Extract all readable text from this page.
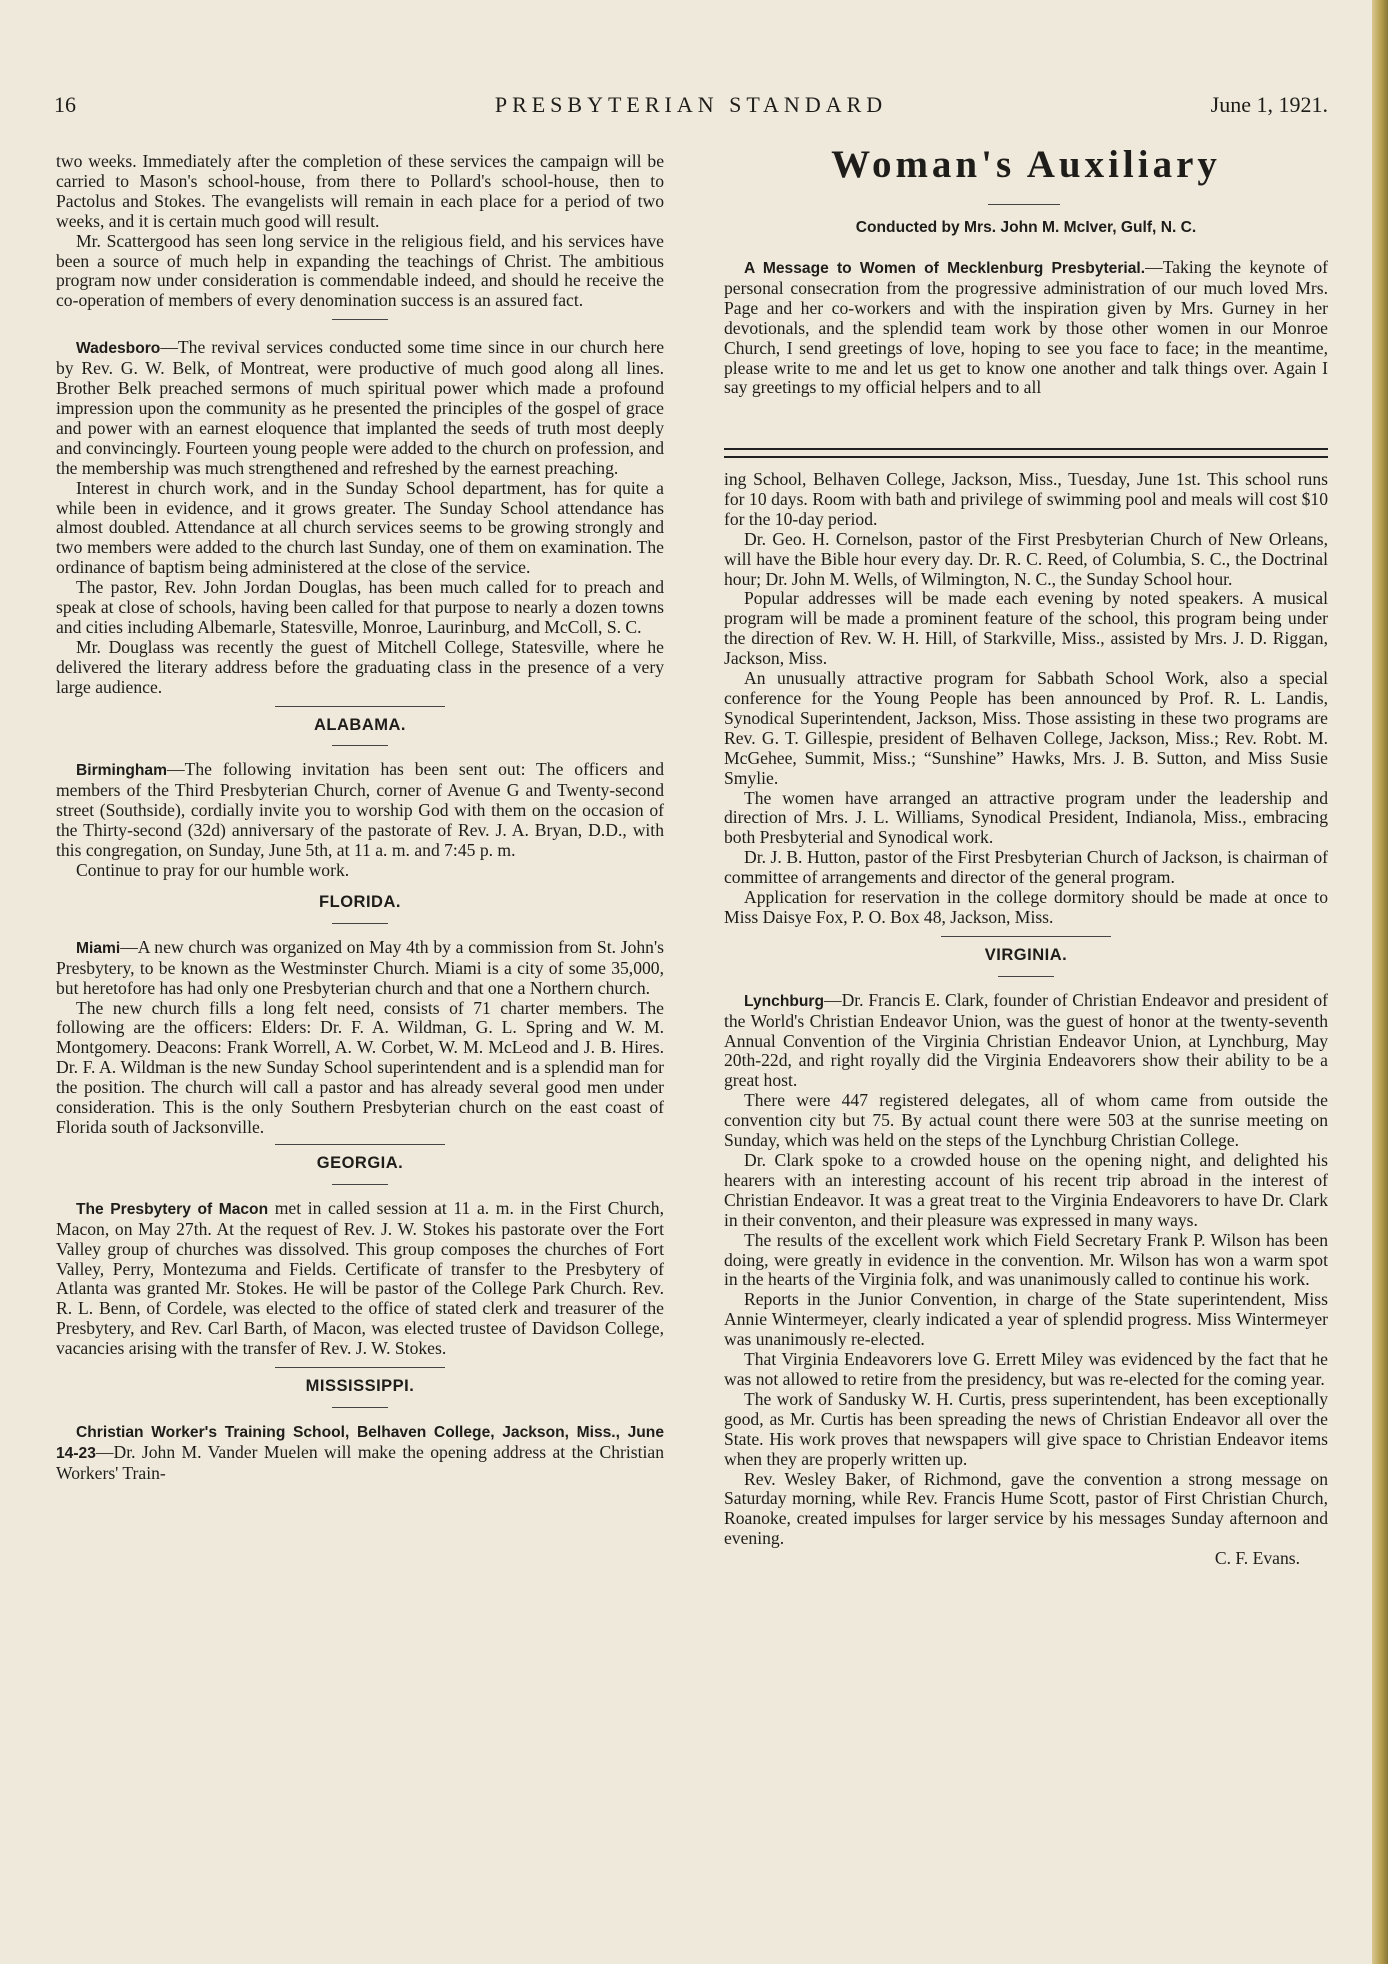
16	PRESBYTERIAN STANDARD	June 1, 1921.

two weeks. Immediately after the completion of these services the campaign will be carried to Mason's school-house, from there to Pollard's school-house, then to Pactolus and Stokes. The evangelists will remain in each place for a period of two weeks, and it is certain much good will result.

Mr. Scattergood has seen long service in the religious field, and his services have been a source of much help in expanding the teachings of Christ. The ambitious program now under consideration is commendable indeed, and should he receive the co-operation of members of every denomination success is an assured fact.

Wadesboro—The revival services conducted some time since in our church here by Rev. G. W. Belk, of Montreat, were productive of much good along all lines. Brother Belk preached sermons of much spiritual power which made a profound impression upon the community as he presented the principles of the gospel of grace and power with an earnest eloquence that implanted the seeds of truth most deeply and convincingly. Fourteen young people were added to the church on profession, and the membership was much strengthened and refreshed by the earnest preaching.

Interest in church work, and in the Sunday School department, has for quite a while been in evidence, and it grows greater. The Sunday School attendance has almost doubled. Attendance at all church services seems to be growing strongly and two members were added to the church last Sunday, one of them on examination. The ordinance of baptism being administered at the close of the service.

The pastor, Rev. John Jordan Douglas, has been much called for to preach and speak at close of schools, having been called for that purpose to nearly a dozen towns and cities including Albemarle, Statesville, Monroe, Laurinburg, and McColl, S. C.

Mr. Douglass was recently the guest of Mitchell College, Statesville, where he delivered the literary address before the graduating class in the presence of a very large audience.

ALABAMA.

Birmingham—The following invitation has been sent out: The officers and members of the Third Presbyterian Church, corner of Avenue G and Twenty-second street (Southside), cordially invite you to worship God with them on the occasion of the Thirty-second (32d) anniversary of the pastorate of Rev. J. A. Bryan, D.D., with this congregation, on Sunday, June 5th, at 11 a. m. and 7:45 p. m.

Continue to pray for our humble work.

FLORIDA.

Miami—A new church was organized on May 4th by a commission from St. John's Presbytery, to be known as the Westminster Church. Miami is a city of some 35,000, but heretofore has had only one Presbyterian church and that one a Northern church.

The new church fills a long felt need, consists of 71 charter members. The following are the officers: Elders: Dr. F. A. Wildman, G. L. Spring and W. M. Montgomery. Deacons: Frank Worrell, A. W. Corbet, W. M. McLeod and J. B. Hires. Dr. F. A. Wildman is the new Sunday School superintendent and is a splendid man for the position. The church will call a pastor and has already several good men under consideration. This is the only Southern Presbyterian church on the east coast of Florida south of Jacksonville.

GEORGIA.

The Presbytery of Macon met in called session at 11 a. m. in the First Church, Macon, on May 27th. At the request of Rev. J. W. Stokes his pastorate over the Fort Valley group of churches was dissolved. This group composes the churches of Fort Valley, Perry, Montezuma and Fields. Certificate of transfer to the Presbytery of Atlanta was granted Mr. Stokes. He will be pastor of the College Park Church. Rev. R. L. Benn, of Cordele, was elected to the office of stated clerk and treasurer of the Presbytery, and Rev. Carl Barth, of Macon, was elected trustee of Davidson College, vacancies arising with the transfer of Rev. J. W. Stokes.

MISSISSIPPI.

Christian Worker's Training School, Belhaven College, Jackson, Miss., June 14-23—Dr. John M. Vander Muelen will make the opening address at the Christian Workers' Train-

Woman's Auxiliary
Conducted by Mrs. John M. McIver, Gulf, N. C.

A Message to Women of Mecklenburg Presbyterial.—Taking the keynote of personal consecration from the progressive administration of our much loved Mrs. Page and her co-workers and with the inspiration given by Mrs. Gurney in her devotionals, and the splendid team work by those other women in our Monroe Church, I send greetings of love, hoping to see you face to face; in the meantime, please write to me and let us get to know one another and talk things over. Again I say greetings to my official helpers and to all

ing School, Belhaven College, Jackson, Miss., Tuesday, June 1st. This school runs for 10 days. Room with bath and privilege of swimming pool and meals will cost $10 for the 10-day period.

Dr. Geo. H. Cornelson, pastor of the First Presbyterian Church of New Orleans, will have the Bible hour every day. Dr. R. C. Reed, of Columbia, S. C., the Doctrinal hour; Dr. John M. Wells, of Wilmington, N. C., the Sunday School hour.

Popular addresses will be made each evening by noted speakers. A musical program will be made a prominent feature of the school, this program being under the direction of Rev. W. H. Hill, of Starkville, Miss., assisted by Mrs. J. D. Riggan, Jackson, Miss.

An unusually attractive program for Sabbath School Work, also a special conference for the Young People has been announced by Prof. R. L. Landis, Synodical Superintendent, Jackson, Miss. Those assisting in these two programs are Rev. G. T. Gillespie, president of Belhaven College, Jackson, Miss.; Rev. Robt. M. McGehee, Summit, Miss.; “Sunshine” Hawks, Mrs. J. B. Sutton, and Miss Susie Smylie.

The women have arranged an attractive program under the leadership and direction of Mrs. J. L. Williams, Synodical President, Indianola, Miss., embracing both Presbyterial and Synodical work.

Dr. J. B. Hutton, pastor of the First Presbyterian Church of Jackson, is chairman of committee of arrangements and director of the general program.

Application for reservation in the college dormitory should be made at once to Miss Daisye Fox, P. O. Box 48, Jackson, Miss.

VIRGINIA.

Lynchburg—Dr. Francis E. Clark, founder of Christian Endeavor and president of the World's Christian Endeavor Union, was the guest of honor at the twenty-seventh Annual Convention of the Virginia Christian Endeavor Union, at Lynchburg, May 20th-22d, and right royally did the Virginia Endeavorers show their ability to be a great host.

There were 447 registered delegates, all of whom came from outside the convention city but 75. By actual count there were 503 at the sunrise meeting on Sunday, which was held on the steps of the Lynchburg Christian College.

Dr. Clark spoke to a crowded house on the opening night, and delighted his hearers with an interesting account of his recent trip abroad in the interest of Christian Endeavor. It was a great treat to the Virginia Endeavorers to have Dr. Clark in their conventon, and their pleasure was expressed in many ways.

The results of the excellent work which Field Secretary Frank P. Wilson has been doing, were greatly in evidence in the convention. Mr. Wilson has won a warm spot in the hearts of the Virginia folk, and was unanimously called to continue his work.

Reports in the Junior Convention, in charge of the State superintendent, Miss Annie Wintermeyer, clearly indicated a year of splendid progress. Miss Wintermeyer was unanimously re-elected.

That Virginia Endeavorers love G. Errett Miley was evidenced by the fact that he was not allowed to retire from the presidency, but was re-elected for the coming year.

The work of Sandusky W. H. Curtis, press superintendent, has been exceptionally good, as Mr. Curtis has been spreading the news of Christian Endeavor all over the State. His work proves that newspapers will give space to Christian Endeavor items when they are properly written up.

Rev. Wesley Baker, of Richmond, gave the convention a strong message on Saturday morning, while Rev. Francis Hume Scott, pastor of First Christian Church, Roanoke, created impulses for larger service by his messages Sunday afternoon and evening.

C. F. Evans.
